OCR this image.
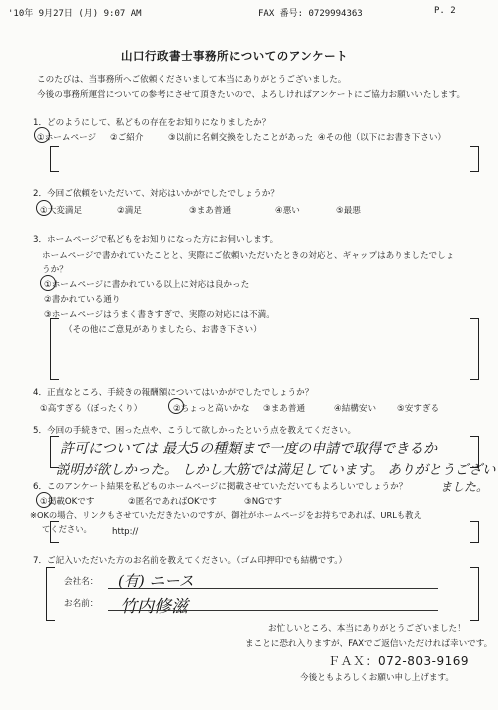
'10年 9月27日 (月) 9:07 AM	FAX 番号: 0729994363	P. 2
山口行政書士事務所についてのアンケート
このたびは、当事務所へご依頼くださいまして本当にありがとうございました。
今後の事務所運営についての参考にさせて頂きたいので、よろしければアンケートにご協力お願いいたします。
1．どのようにして、私どもの存在をお知りになりましたか？
①ホームページ ②ご紹介	③以前に名刺交換をしたことがあった ④その他（以下にお書き下さい）
2．今回ご依頼をいただいて、対応はいかがでしたでしょうか？
①大変満足	②満足	③まあ普通	④悪い	⑤最悪
3．ホームページで私どもをお知りになった方にお伺いします。
ホームページで書かれていたことと、実際にご依頼いただいたときの対応と、ギャップはありましたでしょ
うか？
①ホームページに書かれている以上に対応は良かった
②書かれている通り
③ホームページはうまく書きすぎで、実際の対応には不満。
（その他にご意見がありましたら、お書き下さい）
4．正直なところ、手続きの報酬額についてはいかがでしたでしょうか？
①高すぎる（ぼったくり）	②ちょっと高いかな ③まあ普通	④結構安い ⑤安すぎる
5．今回の手続きで、困った点や、こうして欲しかったという点を教えてください。
許可については 最大5の種類まで一度の申請で取得できるか
説明が欲しかった。 しかし大筋では満足しています。 ありがとうござい
ました。
6．このアンケート結果を私どものホームページに掲載させていただいてもよろしいでしょうか？
①掲載OKです	②匿名であればOKです	③NGです
※OKの場合、リンクもさせていただきたいのですが、御社がホームページをお持ちであれば、URLも教え
てください。 http://
7．ご記入いただいた方のお名前を教えてください。（ゴム印押印でも結構です。）
会社名： (有) ニース
お名前： 竹内修滋
お忙しいところ、本当にありがとうございました！
まことに恐れ入りますが、FAXでご返信いただければ幸いです。
ＦＡＸ：072-803-9169
今後ともよろしくお願い申し上げます。
